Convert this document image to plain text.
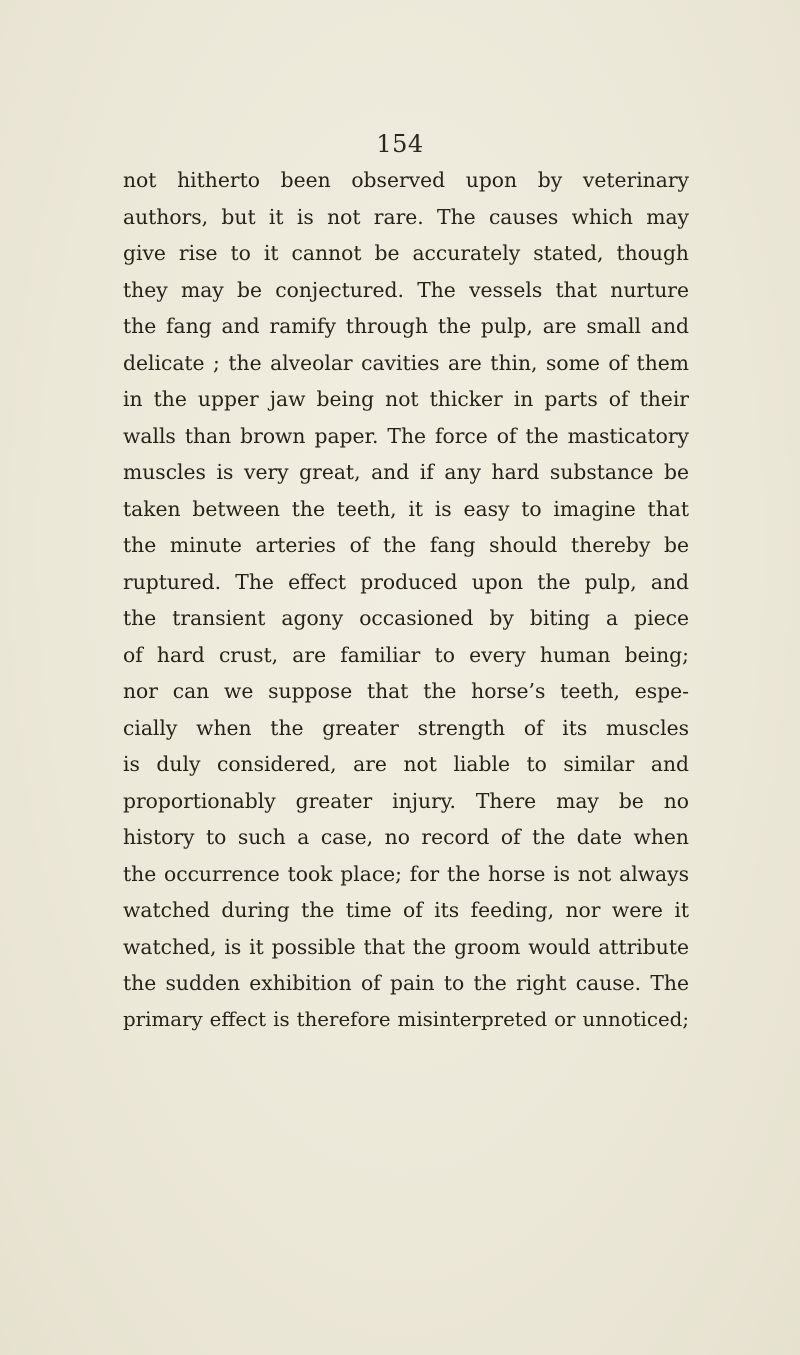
154
not hitherto been observed upon by veterinary
authors, but it is not rare. The causes which may
give rise to it cannot be accurately stated, though
they may be conjectured. The vessels that nurture
the fang and ramify through the pulp, are small and
delicate ; the alveolar cavities are thin, some of them
in the upper jaw being not thicker in parts of their
walls than brown paper. The force of the masticatory
muscles is very great, and if any hard substance be
taken between the teeth, it is easy to imagine that
the minute arteries of the fang should thereby be
ruptured. The effect produced upon the pulp, and
the transient agony occasioned by biting a piece
of hard crust, are familiar to every human being;
nor can we suppose that the horse’s teeth, espe-
cially when the greater strength of its muscles
is duly considered, are not liable to similar and
proportionably greater injury. There may be no
history to such a case, no record of the date when
the occurrence took place; for the horse is not always
watched during the time of its feeding, nor were it
watched, is it possible that the groom would attribute
the sudden exhibition of pain to the right cause. The
primary effect is therefore misinterpreted or unnoticed;
